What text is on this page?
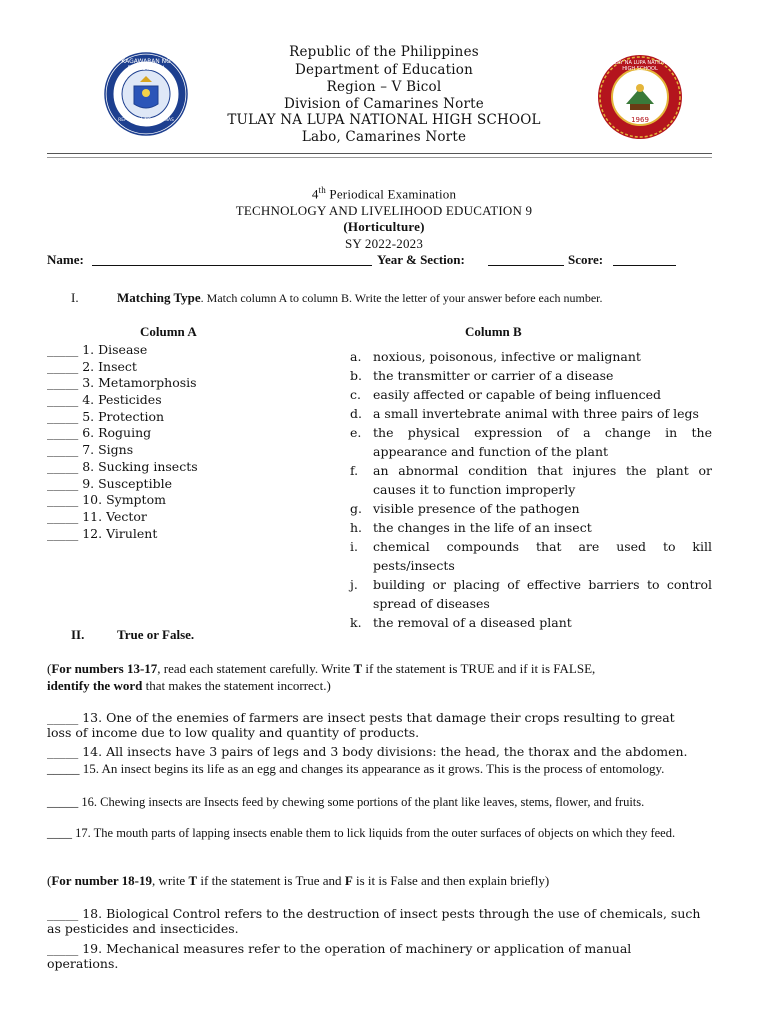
KAGAWARAN NG EDUKASYON
REPUBLIKA NG PILIPINAS
TULAY NA LUPA NATIONAL HIGH SCHOOL
1969
Republic of the Philippines
Department of Education
Region – V Bicol
Division of Camarines Norte
TULAY NA LUPA NATIONAL HIGH SCHOOL
Labo, Camarines Norte
4th Periodical Examination
TECHNOLOGY AND LIVELIHOOD EDUCATION 9
(Horticulture)
SY 2022-2023
Name:	Year & Section:	Score:
I.	Matching Type. Match column A to column B. Write the letter of your answer before each number.
Column A	Column B
_____ 1. Disease
_____ 2. Insect
_____ 3. Metamorphosis
_____ 4. Pesticides
_____ 5. Protection
_____ 6. Roguing
_____ 7. Signs
_____ 8. Sucking insects
_____ 9. Susceptible
_____ 10. Symptom
_____ 11. Vector
_____ 12. Virulent
a. noxious, poisonous, infective or malignant
b. the transmitter or carrier of a disease
c. easily affected or capable of being influenced
d. a small invertebrate animal with three pairs of legs
e. the physical expression of a change in the appearance and function of the plant
f. an abnormal condition that injures the plant or causes it to function improperly
g. visible presence of the pathogen
h. the changes in the life of an insect
i. chemical compounds that are used to kill pests/insects
j. building or placing of effective barriers to control spread of diseases
k. the removal of a diseased plant
II.	True or False.
(For numbers 13-17, read each statement carefully. Write T if the statement is TRUE and if it is FALSE,
identify the word that makes the statement incorrect.)
_____ 13. One of the enemies of farmers are insect pests that damage their crops resulting to great loss of income due to low quality and quantity of products.
_____ 14. All insects have 3 pairs of legs and 3 body divisions: the head, the thorax and the abdomen.
_____ 15. An insect begins its life as an egg and changes its appearance as it grows. This is the process of entomology.
_____ 16. Chewing insects are Insects feed by chewing some portions of the plant like leaves, stems, flower, and fruits.
____ 17. The mouth parts of lapping insects enable them to lick liquids from the outer surfaces of objects on which they feed.
(For number 18-19, write T if the statement is True and F is it is False and then explain briefly)
_____ 18. Biological Control refers to the destruction of insect pests through the use of chemicals, such as pesticides and insecticides.
_____ 19. Mechanical measures refer to the operation of machinery or application of manual operations.
